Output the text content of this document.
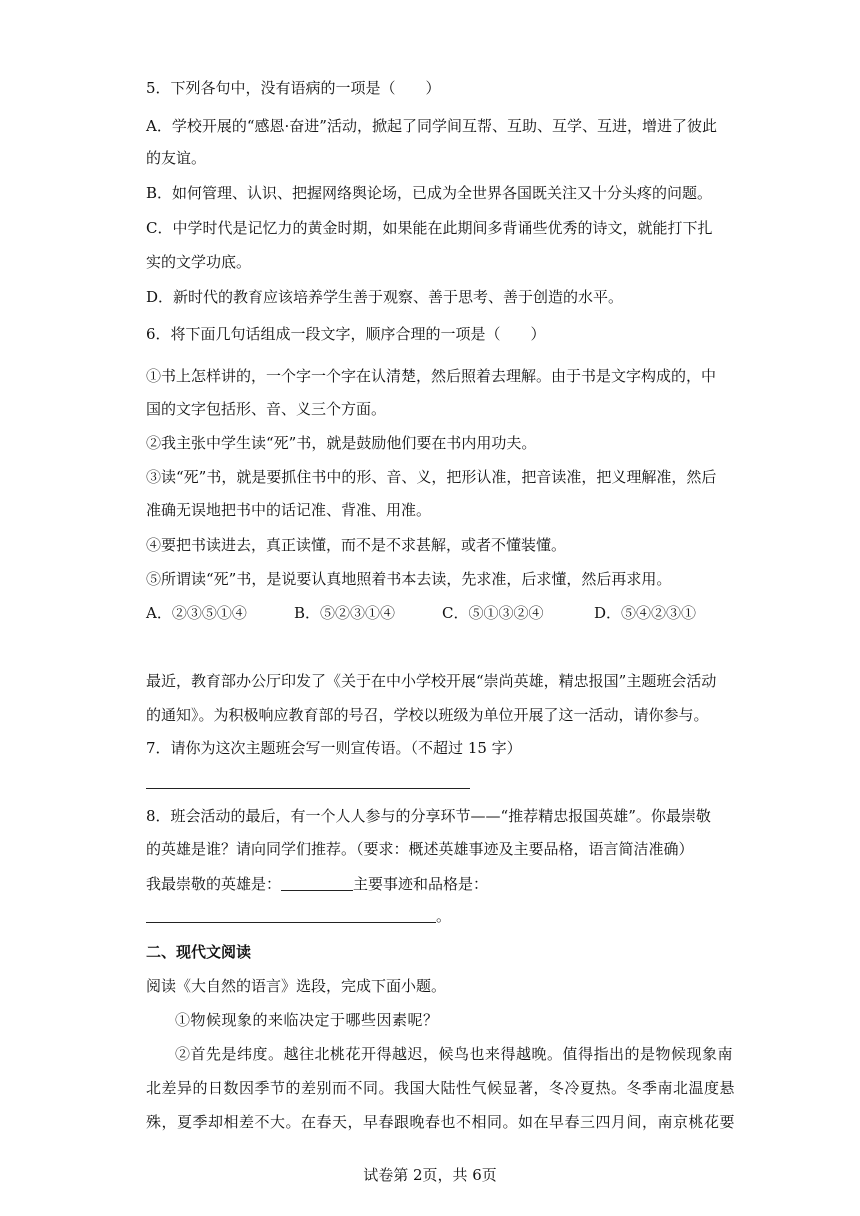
5．下列各句中，没有语病的一项是（　　）
A．学校开展的“感恩·奋进”活动，掀起了同学间互帮、互助、互学、互进，增进了彼此
的友谊。
B．如何管理、认识、把握网络舆论场，已成为全世界各国既关注又十分头疼的问题。
C．中学时代是记忆力的黄金时期，如果能在此期间多背诵些优秀的诗文，就能打下扎
实的文学功底。
D．新时代的教育应该培养学生善于观察、善于思考、善于创造的水平。
6．将下面几句话组成一段文字，顺序合理的一项是（　　）
①书上怎样讲的，一个字一个字在认清楚，然后照着去理解。由于书是文字构成的，中
国的文字包括形、音、义三个方面。
②我主张中学生读“死”书，就是鼓励他们要在书内用功夫。
③读“死”书，就是要抓住书中的形、音、义，把形认准，把音读准，把义理解准，然后
准确无误地把书中的话记准、背准、用准。
④要把书读进去，真正读懂，而不是不求甚解，或者不懂装懂。
⑤所谓读“死”书，是说要认真地照着书本去读，先求准，后求懂，然后再求用。
A．②③⑤①④	B．⑤②③①④	C．⑤①③②④	D．⑤④②③①
最近，教育部办公厅印发了《关于在中小学校开展“崇尚英雄，精忠报国”主题班会活动
的通知》。为积极响应教育部的号召，学校以班级为单位开展了这一活动，请你参与。
7．请你为这次主题班会写一则宣传语。（不超过 15 字）
8．班会活动的最后，有一个人人参与的分享环节——“推荐精忠报国英雄”。你最崇敬
的英雄是谁？请向同学们推荐。（要求：概述英雄事迹及主要品格，语言简洁准确）
我最崇敬的英雄是：	主要事迹和品格是：
。
二、现代文阅读
阅读《大自然的语言》选段，完成下面小题。
①物候现象的来临决定于哪些因素呢？
②首先是纬度。越往北桃花开得越迟，候鸟也来得越晚。值得指出的是物候现象南
北差异的日数因季节的差别而不同。我国大陆性气候显著，冬冷夏热。冬季南北温度悬
殊，夏季却相差不大。在春天，早春跟晚春也不相同。如在早春三四月间，南京桃花要
试卷第 2页，共 6页
